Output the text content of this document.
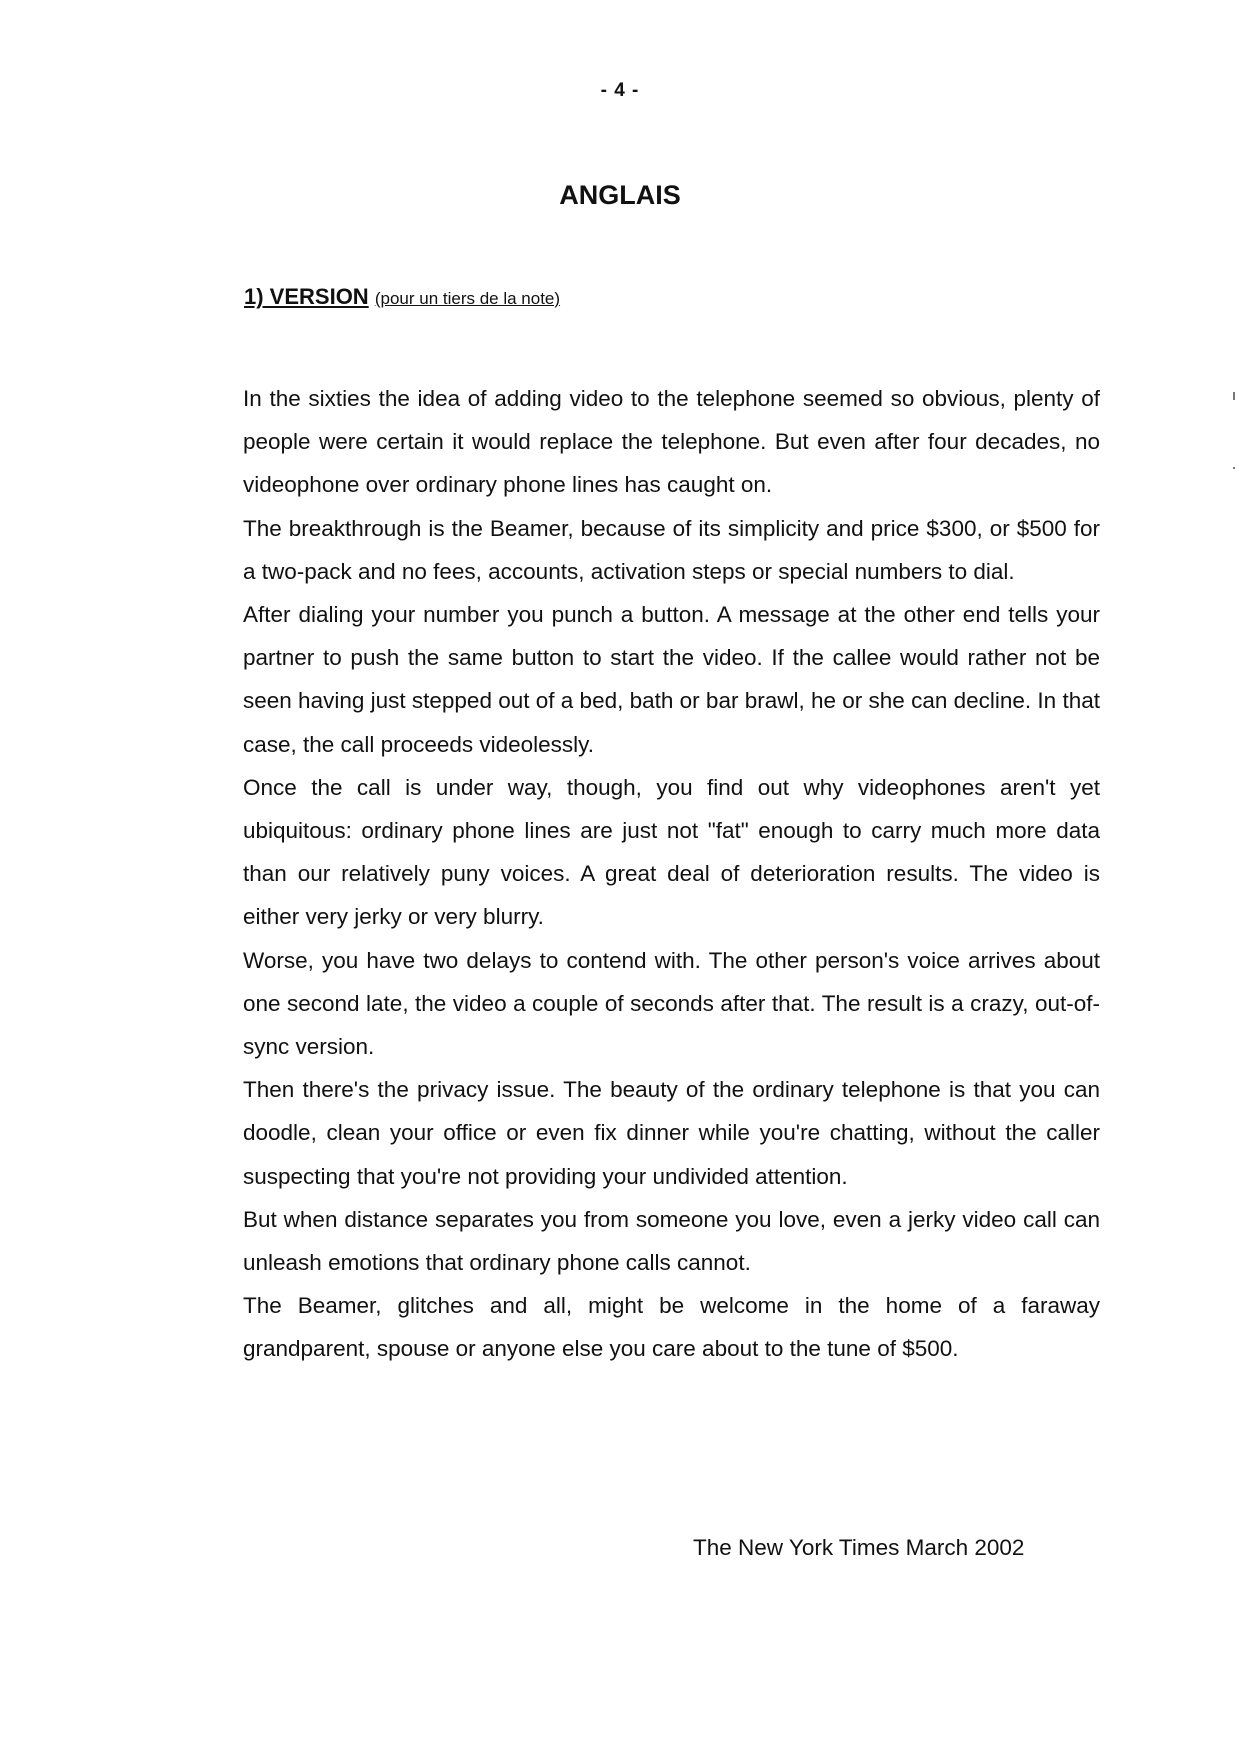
- 4 -
ANGLAIS
1) VERSION (pour un tiers de la note)

In the sixties the idea of adding video to the telephone seemed so obvious, plenty of people were certain it would replace the telephone. But even after four decades, no videophone over ordinary phone lines has caught on.

The breakthrough is the Beamer, because of its simplicity and price $300, or $500 for a two-pack and no fees, accounts, activation steps or special numbers to dial.

After dialing your number you punch a button. A message at the other end tells your partner to push the same button to start the video. If the callee would rather not be seen having just stepped out of a bed, bath or bar brawl, he or she can decline. In that case, the call proceeds videolessly.

Once the call is under way, though, you find out why videophones aren't yet ubiquitous: ordinary phone lines are just not "fat" enough to carry much more data than our relatively puny voices. A great deal of deterioration results. The video is either very jerky or very blurry.

Worse, you have two delays to contend with. The other person's voice arrives about one second late, the video a couple of seconds after that. The result is a crazy, out-of-sync version.

Then there's the privacy issue. The beauty of the ordinary telephone is that you can doodle, clean your office or even fix dinner while you're chatting, without the caller suspecting that you're not providing your undivided attention.

But when distance separates you from someone you love, even a jerky video call can unleash emotions that ordinary phone calls cannot.

The Beamer, glitches and all, might be welcome in the home of a faraway grandparent, spouse or anyone else you care about to the tune of $500.

The New York Times March 2002
